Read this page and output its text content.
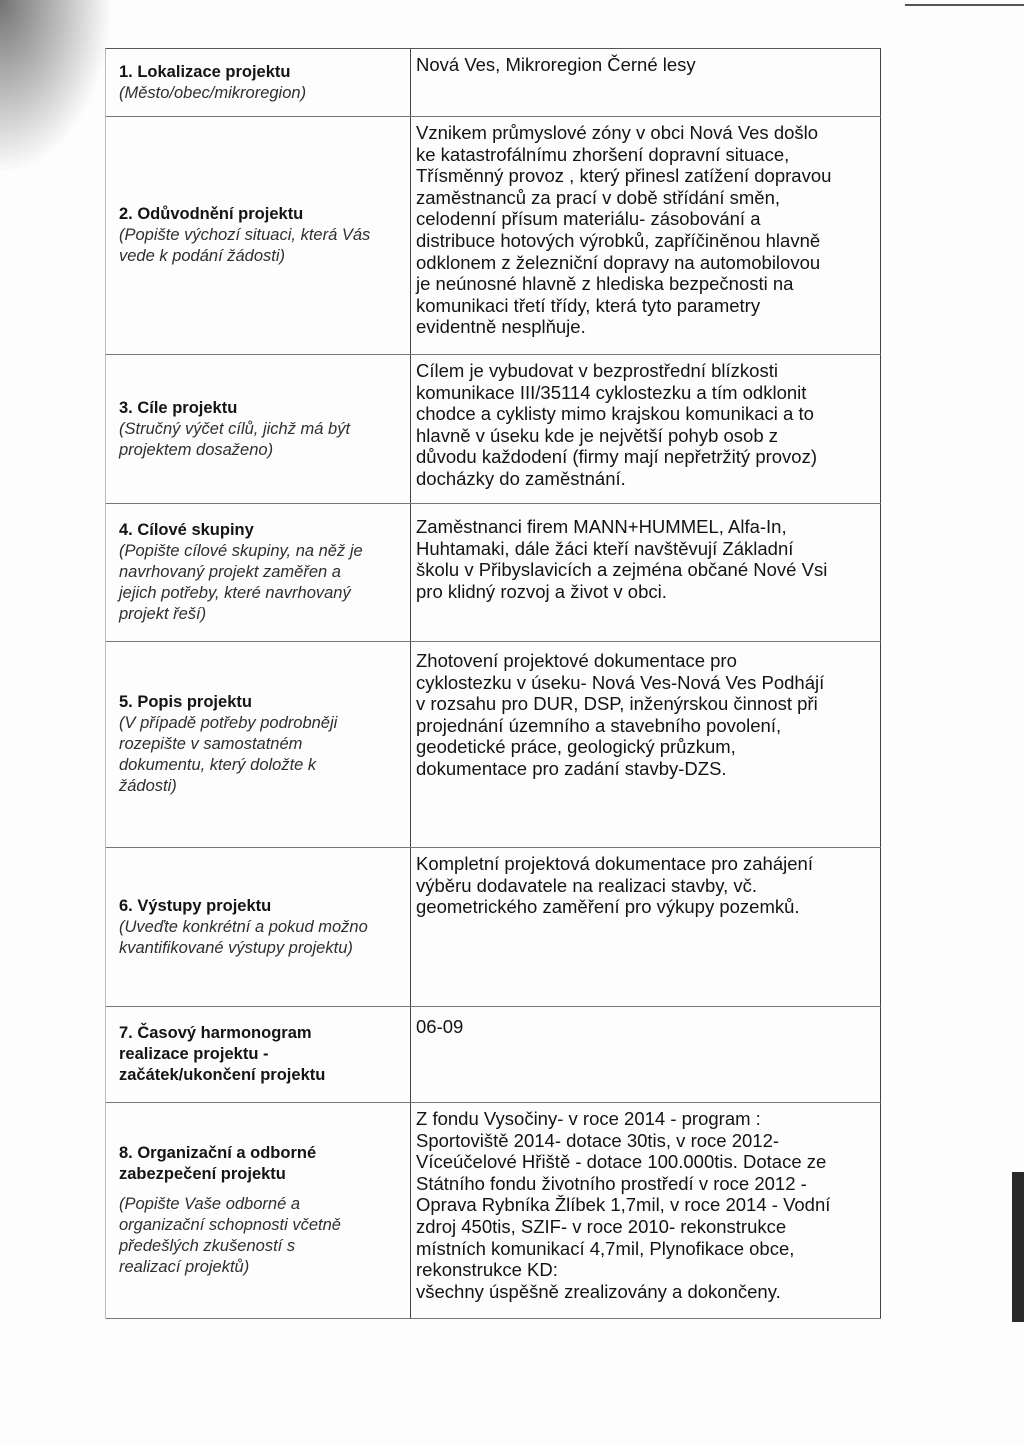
1. Lokalizace projektu
(Město/obec/mikroregion)
Nová Ves, Mikroregion Černé lesy
2. Odůvodnění projektu
(Popište výchozí situaci, která Vás
vede k podání žádosti)
Vznikem průmyslové zóny v obci Nová Ves došlo
ke katastrofálnímu zhoršení dopravní situace,
Třísměnný provoz , který přinesl zatížení dopravou
zaměstnanců za prací v době střídání směn,
celodenní přísum materiálu- zásobování a
distribuce hotových výrobků, zapříčiněnou hlavně
odklonem z železniční dopravy na automobilovou
je neúnosné hlavně z hlediska bezpečnosti na
komunikaci třetí třídy, která tyto parametry
evidentně nesplňuje.
3. Cíle projektu
(Stručný výčet cílů, jichž má být
projektem dosaženo)
Cílem je vybudovat v bezprostřední blízkosti
komunikace III/35114 cyklostezku a tím odklonit
chodce a cyklisty mimo krajskou komunikaci a to
hlavně v úseku kde je největší pohyb osob z
důvodu každodení (firmy mají nepřetržitý provoz)
docházky do zaměstnání.
4. Cílové skupiny
(Popište cílové skupiny, na něž je
navrhovaný projekt zaměřen a
jejich potřeby, které navrhovaný
projekt řeší)
Zaměstnanci firem MANN+HUMMEL, Alfa-In,
Huhtamaki, dále žáci kteří navštěvují Základní
školu v Přibyslavicích a zejména občané Nové Vsi
pro klidný rozvoj a život v obci.
5. Popis projektu
(V případě potřeby podrobněji
rozepište v samostatném
dokumentu, který doložte k
žádosti)
Zhotovení projektové dokumentace pro
cyklostezku v úseku- Nová Ves-Nová Ves Podhájí
v rozsahu pro DUR, DSP, inženýrskou činnost při
projednání územního a stavebního povolení,
geodetické práce, geologický průzkum,
dokumentace pro zadání stavby-DZS.
6. Výstupy projektu
(Uveďte konkrétní a pokud možno
kvantifikované výstupy projektu)
Kompletní projektová dokumentace pro zahájení
výběru dodavatele na realizaci stavby, vč.
geometrického zaměření pro výkupy pozemků.
7. Časový harmonogram
realizace projektu -
začátek/ukončení projektu
06-09
8. Organizační a odborné
zabezpečení projektu
(Popište Vaše odborné a
organizační schopnosti včetně
předešlých zkušeností s
realizací projektů)
Z fondu Vysočiny- v roce 2014 - program :
Sportoviště 2014- dotace 30tis, v roce 2012-
Víceúčelové Hřiště - dotace 100.000tis. Dotace ze
Státního fondu životního prostředí v roce 2012 -
Oprava Rybníka Žlíbek 1,7mil, v roce 2014 - Vodní
zdroj 450tis, SZIF- v roce 2010- rekonstrukce
místních komunikací 4,7mil, Plynofikace obce,
rekonstrukce KD:
všechny úspěšně zrealizovány a dokončeny.
